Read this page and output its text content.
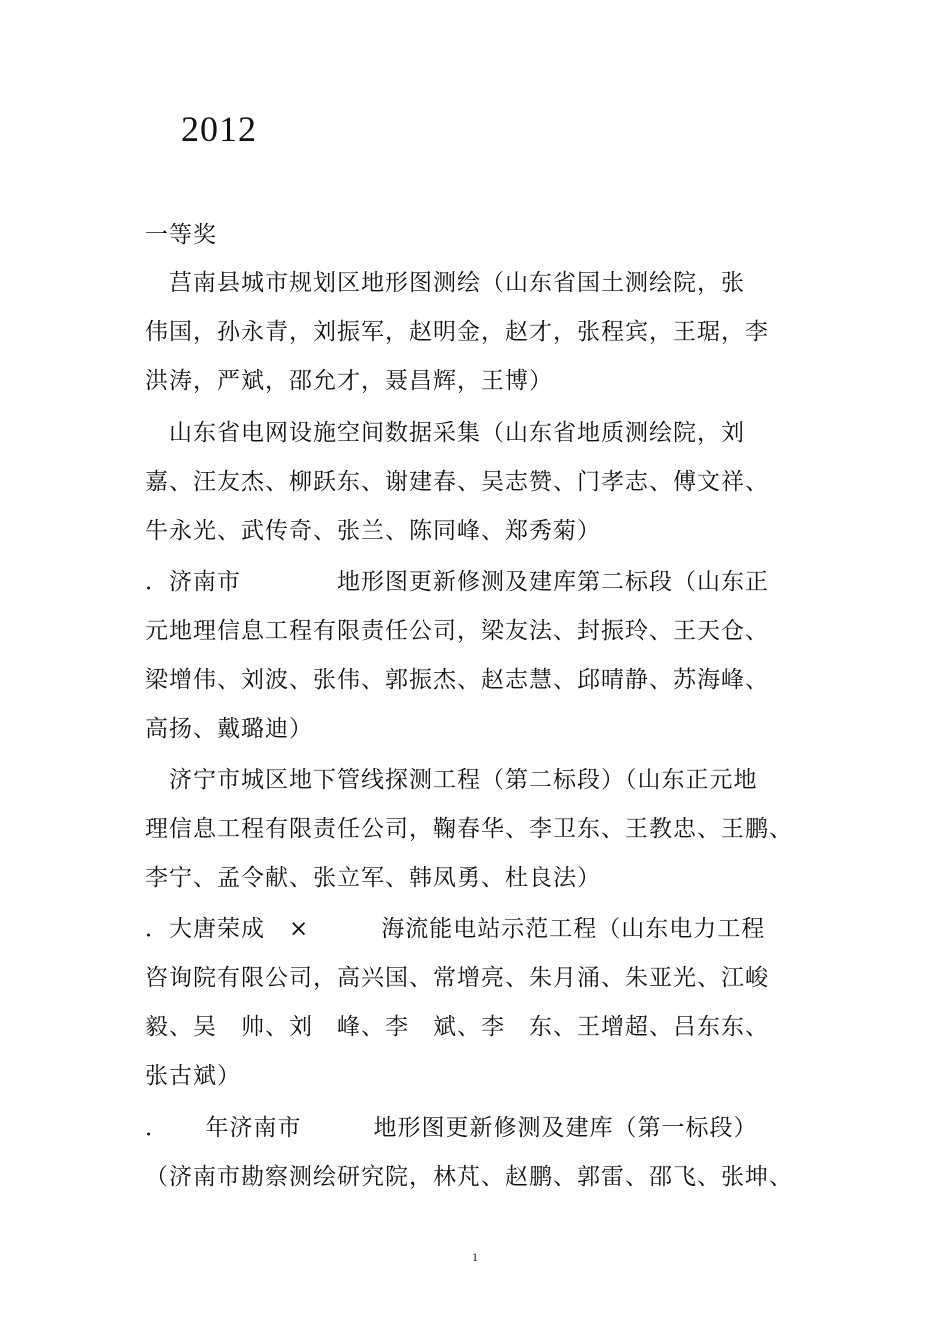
2012
一等奖
　莒南县城市规划区地形图测绘（山东省国土测绘院，张
伟国，孙永青，刘振军，赵明金，赵才，张程宾，王琚，李
洪涛，严斌，邵允才，聂昌辉，王博）
　山东省电网设施空间数据采集（山东省地质测绘院，刘
嘉、汪友杰、柳跃东、谢建春、吴志赞、门孝志、傅文祥、
牛永光、武传奇、张兰、陈同峰、郑秀菊）
．济南市　　　　地形图更新修测及建库第二标段（山东正
元地理信息工程有限责任公司，梁友法、封振玲、王天仓、
梁增伟、刘波、张伟、郭振杰、赵志慧、邱晴静、苏海峰、
高扬、戴璐迪）
　济宁市城区地下管线探测工程（第二标段）（山东正元地
理信息工程有限责任公司，鞠春华、李卫东、王教忠、王鹏、
李宁、孟令献、张立军、韩凤勇、杜良法）
．大唐荣成　×　　　海流能电站示范工程（山东电力工程
咨询院有限公司，高兴国、常增亮、朱月涌、朱亚光、江峻
毅、吴　帅、刘　峰、李　斌、李　东、王增超、吕东东、
张古斌）
．　　年济南市　　　地形图更新修测及建库（第一标段）
（济南市勘察测绘研究院，林芃、赵鹏、郭雷、邵飞、张坤、
1
